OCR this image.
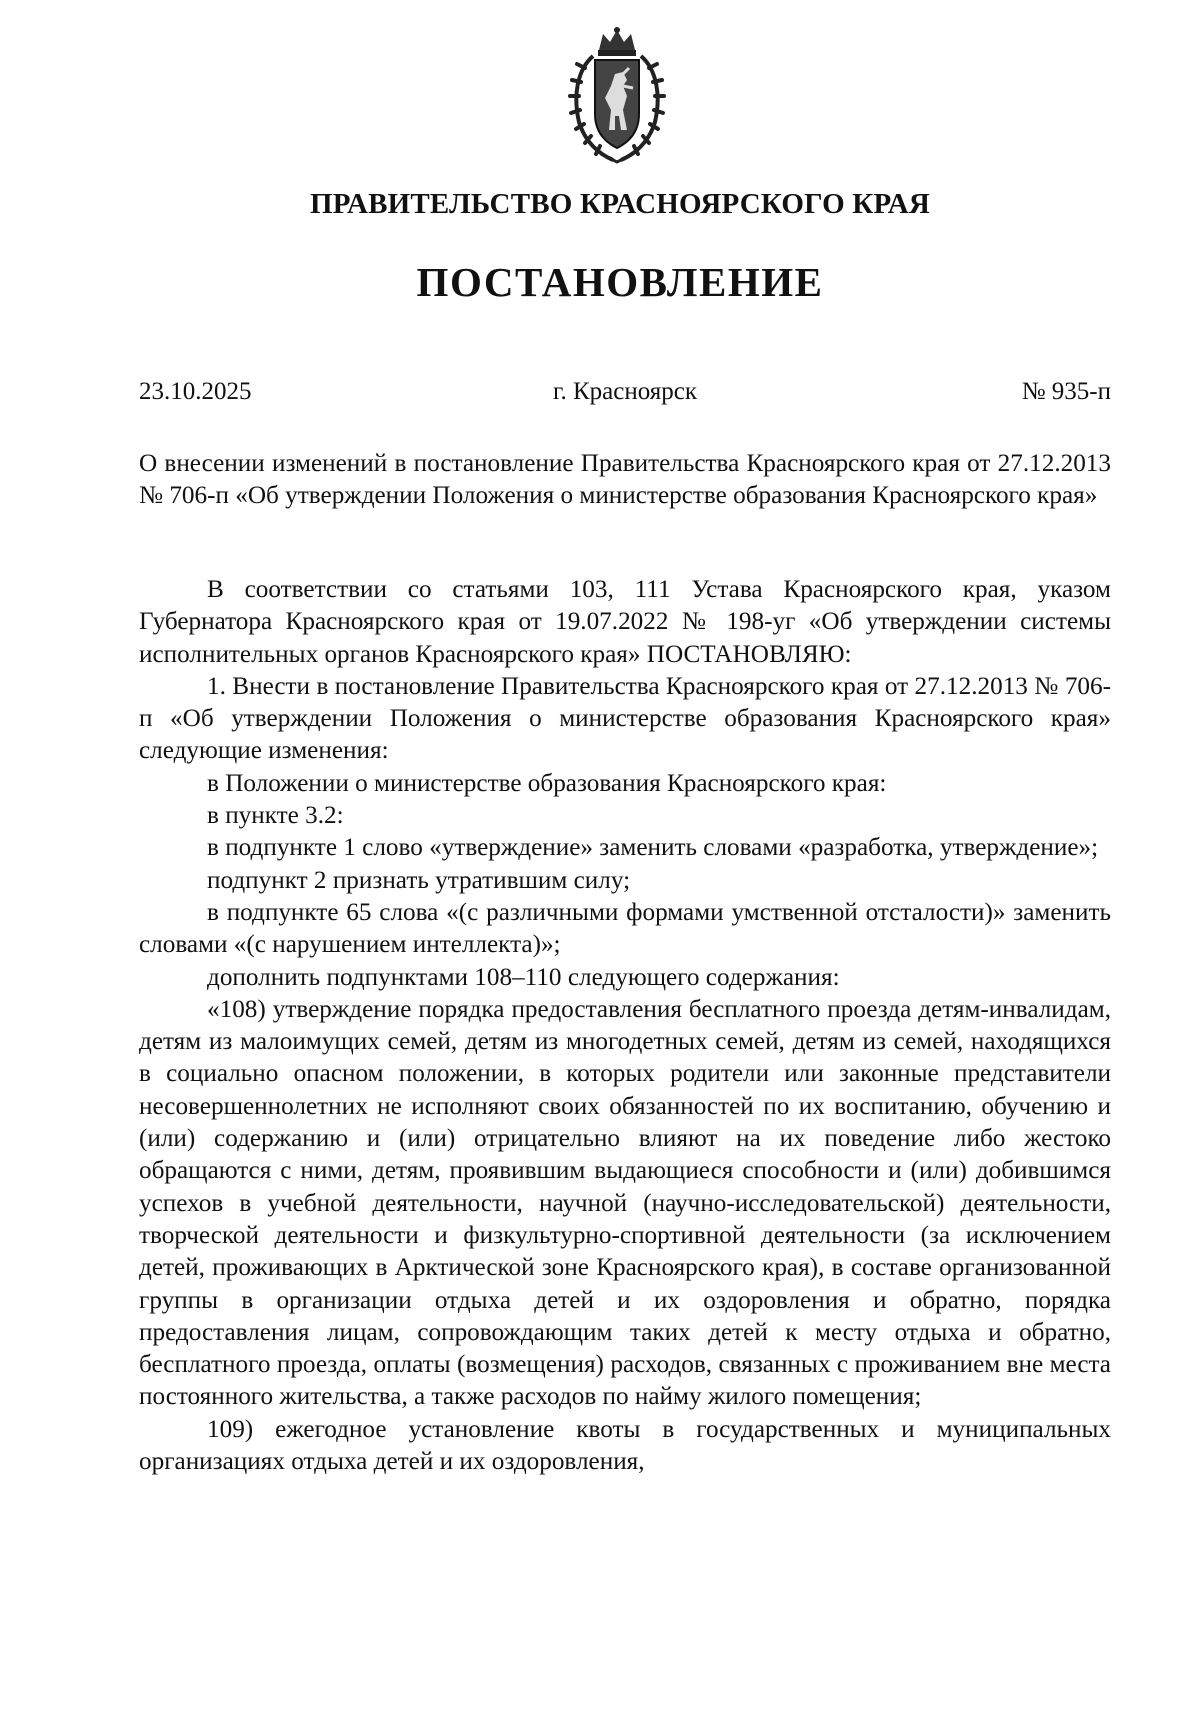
ПРАВИТЕЛЬСТВО КРАСНОЯРСКОГО КРАЯ
ПОСТАНОВЛЕНИЕ
23.10.2025	г. Красноярск	№ 935-п

О внесении изменений в постановление Правительства Красноярского края от 27.12.2013 № 706-п «Об утверждении Положения о министерстве образования Красноярского края»

В соответствии со статьями 103, 111 Устава Красноярского края, указом Губернатора Красноярского края от 19.07.2022 № 198-уг «Об утверждении системы исполнительных органов Красноярского края» ПОСТАНОВЛЯЮ:

1. Внести в постановление Правительства Красноярского края от 27.12.2013 № 706-п «Об утверждении Положения о министерстве образования Красноярского края» следующие изменения:

в Положении о министерстве образования Красноярского края:

в пункте 3.2:

в подпункте 1 слово «утверждение» заменить словами «разработка, утверждение»;

подпункт 2 признать утратившим силу;

в подпункте 65 слова «(с различными формами умственной отсталости)» заменить словами «(с нарушением интеллекта)»;

дополнить подпунктами 108–110 следующего содержания:

«108) утверждение порядка предоставления бесплатного проезда детям-инвалидам, детям из малоимущих семей, детям из многодетных семей, детям из семей, находящихся в социально опасном положении, в которых родители или законные представители несовершеннолетних не исполняют своих обязанностей по их воспитанию, обучению и (или) содержанию и (или) отрицательно влияют на их поведение либо жестоко обращаются с ними, детям, проявившим выдающиеся способности и (или) добившимся успехов в учебной деятельности, научной (научно-исследовательской) деятельности, творческой деятельности и физкультурно-спортивной деятельности (за исключением детей, проживающих в Арктической зоне Красноярского края), в составе организованной группы в организации отдыха детей и их оздоровления и обратно, порядка предоставления лицам, сопровождающим таких детей к месту отдыха и обратно, бесплатного проезда, оплаты (возмещения) расходов, связанных с проживанием вне места постоянного жительства, а также расходов по найму жилого помещения;

109) ежегодное установление квоты в государственных и муниципальных организациях отдыха детей и их оздоровления,
